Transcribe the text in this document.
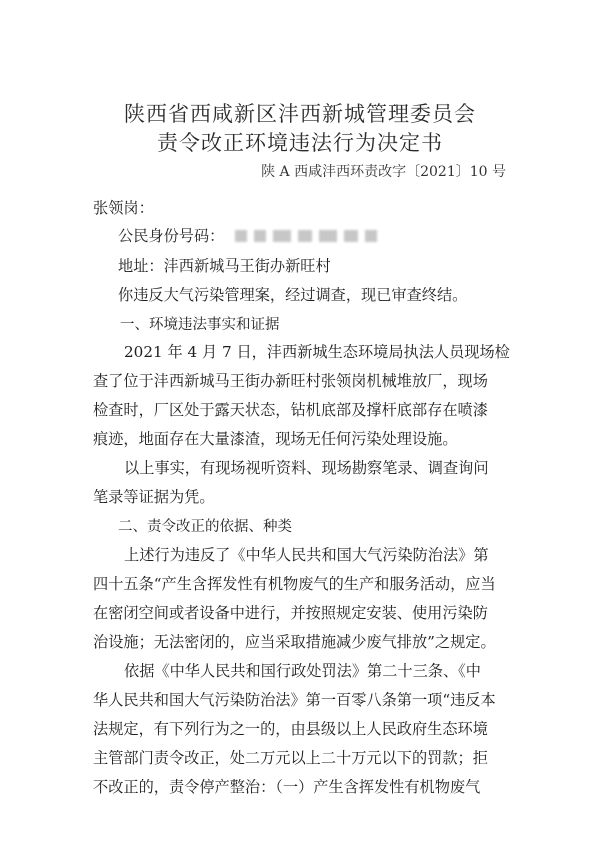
陕西省西咸新区沣西新城管理委员会
责令改正环境违法行为决定书
陕 A 西咸沣西环责改字〔2021〕10 号
张领岗：
公民身份号码：
地址：沣西新城马王街办新旺村
你违反大气污染管理案，经过调查，现已审查终结。
一、环境违法事实和证据
2021 年 4 月 7 日，沣西新城生态环境局执法人员现场检
查了位于沣西新城马王街办新旺村张领岗机械堆放厂，现场
检查时，厂区处于露天状态，钻机底部及撑杆底部存在喷漆
痕迹，地面存在大量漆渣，现场无任何污染处理设施。
以上事实，有现场视听资料、现场勘察笔录、调查询问
笔录等证据为凭。
二、责令改正的依据、种类
上述行为违反了《中华人民共和国大气污染防治法》第
四十五条“产生含挥发性有机物废气的生产和服务活动，应当
在密闭空间或者设备中进行，并按照规定安装、使用污染防
治设施；无法密闭的，应当采取措施减少废气排放”之规定。
依据《中华人民共和国行政处罚法》第二十三条、《中
华人民共和国大气污染防治法》第一百零八条第一项“违反本
法规定，有下列行为之一的，由县级以上人民政府生态环境
主管部门责令改正，处二万元以上二十万元以下的罚款；拒
不改正的，责令停产整治：（一）产生含挥发性有机物废气
